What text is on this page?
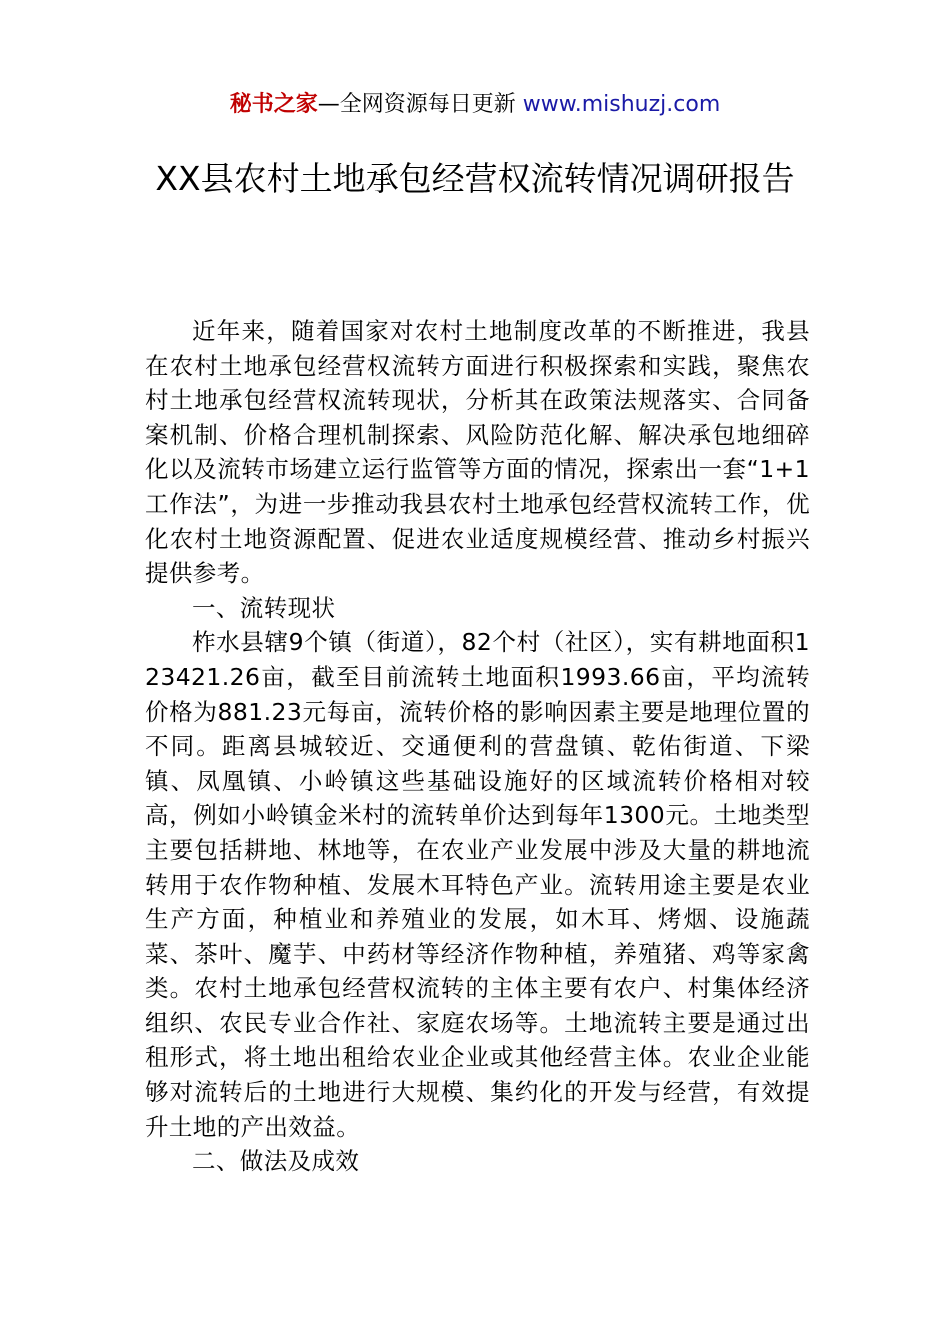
秘书之家—全网资源每日更新 www.mishuzj.com
XX县农村土地承包经营权流转情况调研报告

近年来，随着国家对农村土地制度改革的不断推进，我县在农村土地承包经营权流转方面进行积极探索和实践，聚焦农村土地承包经营权流转现状，分析其在政策法规落实、合同备案机制、价格合理机制探索、风险防范化解、解决承包地细碎化以及流转市场建立运行监管等方面的情况，探索出一套“1+1工作法”，为进一步推动我县农村土地承包经营权流转工作，优化农村土地资源配置、促进农业适度规模经营、推动乡村振兴提供参考。

一、流转现状

柞水县辖9个镇（街道），82个村（社区），实有耕地面积123421.26亩，截至目前流转土地面积1993.66亩，平均流转价格为881.23元每亩，流转价格的影响因素主要是地理位置的不同。距离县城较近、交通便利的营盘镇、乾佑街道、下梁镇、凤凰镇、小岭镇这些基础设施好的区域流转价格相对较高，例如小岭镇金米村的流转单价达到每年1300元。土地类型主要包括耕地、林地等，在农业产业发展中涉及大量的耕地流转用于农作物种植、发展木耳特色产业。流转用途主要是农业生产方面，种植业和养殖业的发展，如木耳、烤烟、设施蔬菜、茶叶、魔芋、中药材等经济作物种植，养殖猪、鸡等家禽类。农村土地承包经营权流转的主体主要有农户、村集体经济组织、农民专业合作社、家庭农场等。土地流转主要是通过出租形式，将土地出租给农业企业或其他经营主体。农业企业能够对流转后的土地进行大规模、集约化的开发与经营，有效提升土地的产出效益。

二、做法及成效
